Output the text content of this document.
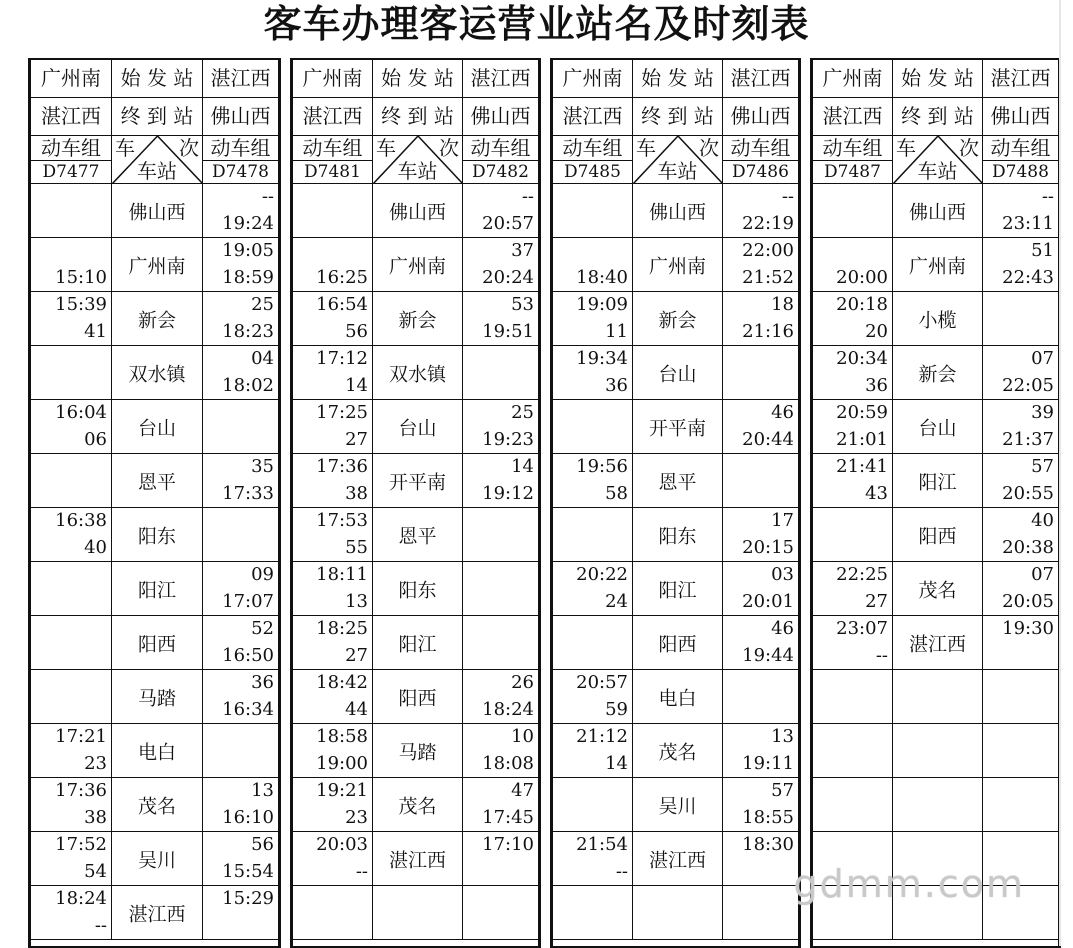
客车办理客运营业站名及时刻表
广州南 始 发 站 湛江西
湛江西 终 到 站 佛山西
动车组
D7477
动车组
D7478
车 次
车站
佛山西
--
19:24
15:10
广州南
19:05
18:59
15:39
41
新会
25
18:23
双水镇
04
18:02
16:04
06
台山
恩平
35
17:33
16:38
40
阳东
阳江
09
17:07
阳西
52
16:50
马踏
36
16:34
17:21
23
电白
17:36
38
茂名
13
16:10
17:52
54
吴川
56
15:54
18:24
--
湛江西
15:29
广州南 始 发 站 湛江西
湛江西 终 到 站 佛山西
动车组
D7481
动车组
D7482
车 次
车站
佛山西
--
20:57
16:25
广州南
37
20:24
16:54
56
新会
53
19:51
17:12
14
双水镇
17:25
27
台山
25
19:23
17:36
38
开平南
14
19:12
17:53
55
恩平
18:11
13
阳东
18:25
27
阳江
18:42
44
阳西
26
18:24
18:58
19:00
马踏
10
18:08
19:21
23
茂名
47
17:45
20:03
--
湛江西
17:10
广州南 始 发 站 湛江西
湛江西 终 到 站 佛山西
动车组
D7485
动车组
D7486
车 次
车站
佛山西
--
22:19
18:40
广州南
22:00
21:52
19:09
11
新会
18
21:16
19:34
36
台山
开平南
46
20:44
19:56
58
恩平
阳东
17
20:15
20:22
24
阳江
03
20:01
阳西
46
19:44
20:57
59
电白
21:12
14
茂名
13
19:11
吴川
57
18:55
21:54
--
湛江西
18:30
广州南 始 发 站 湛江西
湛江西 终 到 站 佛山西
动车组
D7487
动车组
D7488
车 次
车站
佛山西
--
23:11
20:00
广州南
51
22:43
20:18
20
小榄
20:34
36
新会
07
22:05
20:59
21:01
台山
39
21:37
21:41
43
阳江
57
20:55
阳西
40
20:38
22:25
27
茂名
07
20:05
23:07
--
湛江西
19:30
gdmm.com
